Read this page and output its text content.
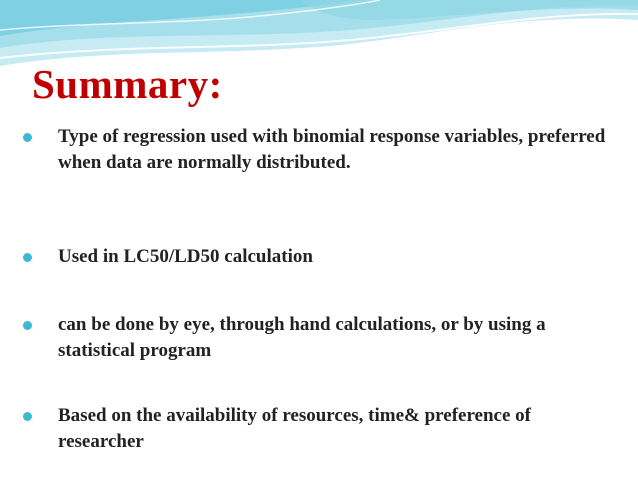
Summary:
Type of regression used with binomial response variables, preferred when data are normally distributed.
Used in LC50/LD50 calculation
can be done by eye, through hand calculations, or by using a statistical program
Based on the availability of resources, time& preference of researcher
